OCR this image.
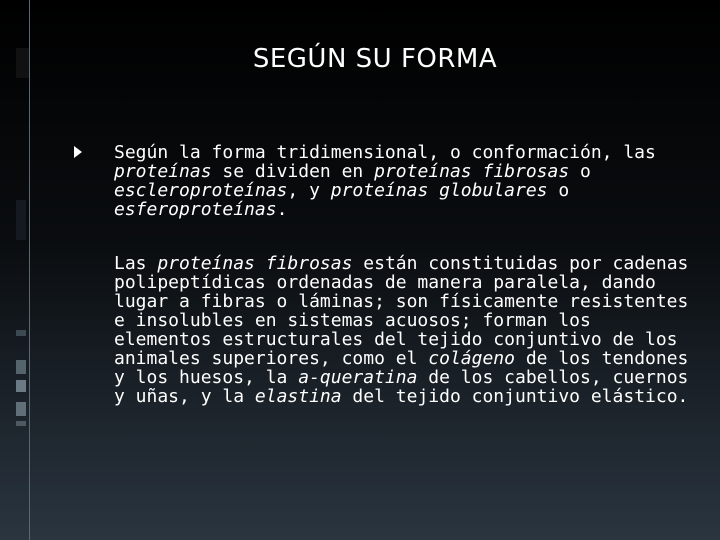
SEGÚN SU FORMA
Según la forma tridimensional, o conformación, las proteínas se dividen en proteínas fibrosas o escleroproteínas, y proteínas globulares o esferoproteínas.
Las proteínas fibrosas están constituidas por cadenas polipeptídicas ordenadas de manera paralela, dando lugar a fibras o láminas; son físicamente resistentes e insolubles en sistemas acuosos; forman los elementos estructurales del tejido conjuntivo de los animales superiores, como el colágeno de los tendones y los huesos, la a-queratina de los cabellos, cuernos y uñas, y la elastina del tejido conjuntivo elástico.
